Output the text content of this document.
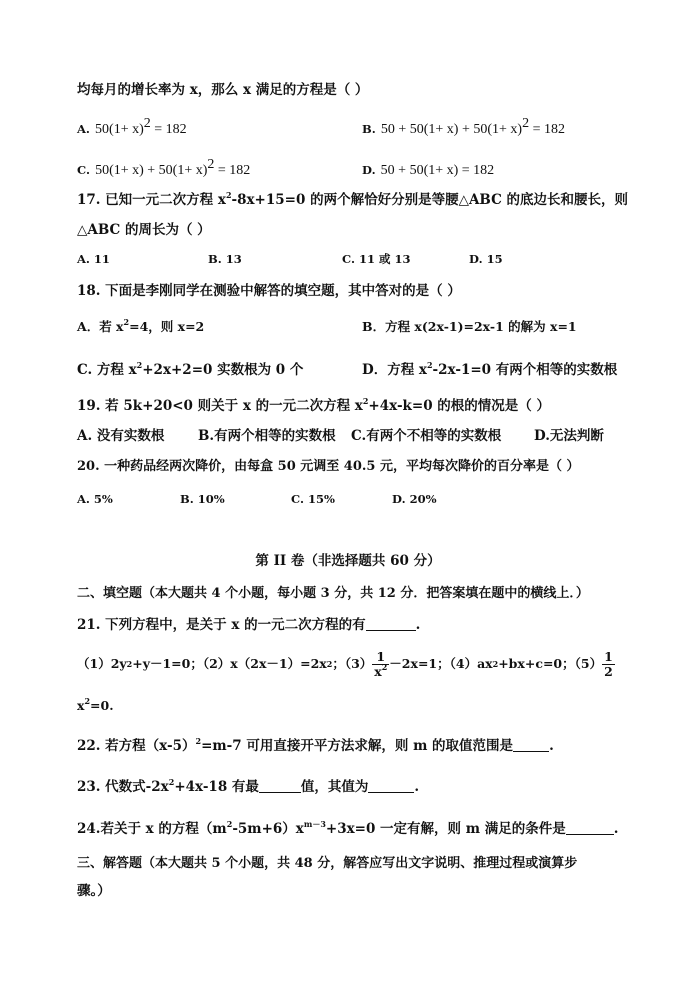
均每月的增长率为 x，那么 x 满足的方程是（ ）
A. $50(1+ x)^2 = 182$	B. $50 + 50(1+ x) + 50(1+ x)^2 = 182$
C. $50(1+ x) + 50(1+ x)^2 = 182$	D. 50 + 50(1+ x) = 182
17. 已知一元二次方程 $x^2-8x+15=0$ 的两个解恰好分别是等腰△ABC 的底边长和腰长，则
△ABC 的周长为（ ）
A. 11	B. 13	C. 11 或 13	D. 15
18. 下面是李刚同学在测验中解答的填空题，其中答对的是（ ）
A．若 $x^2=4$，则 x=2	B．方程 x(2x-1)=2x-1 的解为 x=1
C. 方程 $x^2+2x+2=0$ 实数根为 0 个	D．方程 $x^2-2x-1=0$ 有两个相等的实数根
19. 若 5k+20<0 则关于 x 的一元二次方程 $x^2+4x-k=0$ 的根的情况是（ ）
A. 没有实数根 B.有两个相等的实数根 C.有两个不相等的实数根 D.无法判断
20. 一种药品经两次降价，由每盒 50 元调至 40.5 元，平均每次降价的百分率是（ ）
A. 5%	B. 10%	C. 15%	D. 20%
第 II 卷（非选择题共 60 分）
二、填空题（本大题共 4 个小题，每小题 3 分，共 12 分．把答案填在题中的横线上．）
21. 下列方程中，是关于 x 的一元二次方程的有	.
（1）2y 2 +y－1=0；（2）x（2x－1）=2x 2 ；$(3) \frac{1}{x^2} -2x=1$；（4）ax 2 +bx+c=0；$(5) \frac{1}{2}$
$x^2=0$.
22. 若方程$(x-5)^2=m-7$ 可用直接开平方法求解，则 m 的取值范围是	.
23. 代数式$-2x^2+4x-18$ 有最	值，其值为	.
24.若关于 x 的方程$(m^2-5m+6)x^{m-3}+3x=0$ 一定有解，则 m 满足的条件是	.
三、解答题（本大题共 5 个小题，共 48 分，解答应写出文字说明、推理过程或演算步
骤。）
